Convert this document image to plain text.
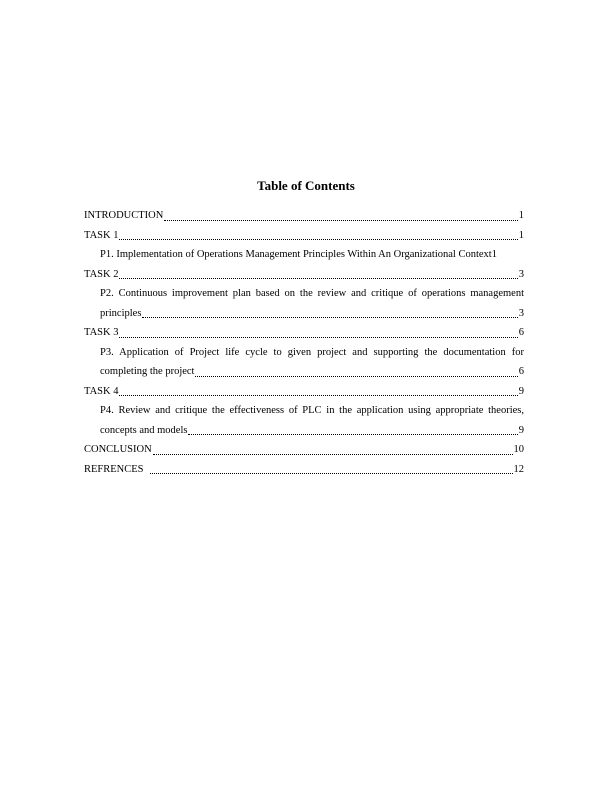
Table of Contents
INTRODUCTION	1
TASK 1	1
P1. Implementation of Operations Management Principles Within An Organizational Context 1
TASK 2	3
P2. Continuous improvement plan based on the review and critique of operations management
principles	3
TASK 3	6
P3. Application of Project life cycle to given project and supporting the documentation for
completing the project	6
TASK 4	9
P4. Review and critique the effectiveness of PLC in the application using appropriate theories,
concepts and models	9
CONCLUSION	10
REFRENCES	12
